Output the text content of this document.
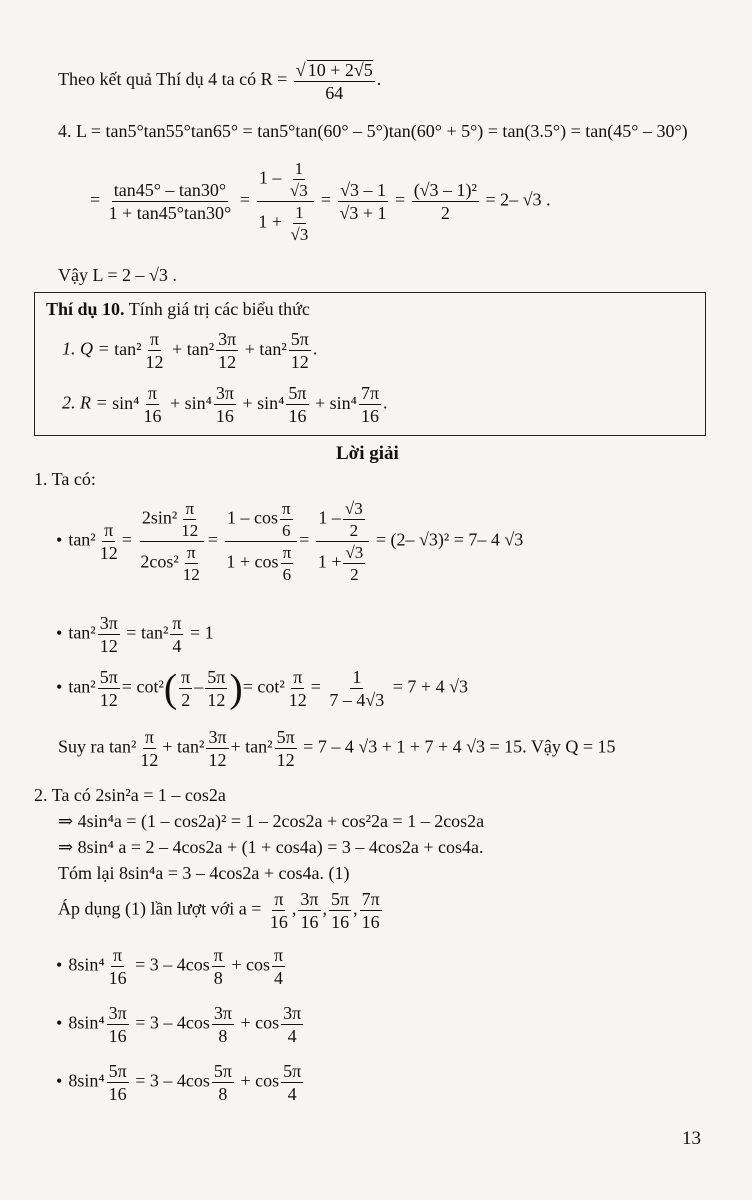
Theo kết quả Thí dụ 4 ta có $R = \frac{√ 10 + 2√5}{64}$ .
4. L = tan5°tan55°tan65° = tan5°tan(60° – 5°)tan(60° + 5°) = tan(3.5°) = tan(45° – 30°)
= $\frac{\tan 45^\circ - \tan 30^\circ}{1 + \tan 45^\circ\tan 30^\circ} = \frac{1 - \frac{1}{√3}}{1 + \frac{1}{√3}} = \frac{√3 - 1}{√3 + 1} = \frac{\text{(√3 – 1)²}}{2} = 2-$ √3 .
Vậy L = 2 – √3 .
Thí dụ 10. Tính giá trị các biểu thức
1. $Q = \tan^2 \frac{\pi}{12} + \tan^2 \frac{3\pi}{12} + \tan^2 \frac{5\pi}{12}$ .
2. $R = \sin^4 \frac{\pi}{16} + \sin^4 \frac{3\pi}{16} + \sin^4 \frac{5\pi}{16} + \sin^4 \frac{7\pi}{16}$ .
Lời giải
1. Ta có:
• $\tan^2 \frac{\pi}{12} = \frac{2\sin^2 \frac{\pi}{12}}{2\cos^2 \frac{\pi}{12}} = \frac{1 - \cos \frac{\pi}{6}}{1 + \cos \frac{\pi}{6}} = \frac{1 - \frac{√3}{2}}{1 + \frac{√3}{2}} = (2-$ √3)² = 7– 4 √3
• $\tan^2 \frac{3\pi}{12} = \tan^2 \frac{\pi}{4} = 1$
• $\tan^2 \frac{5\pi}{12} = \cot^2( \frac{\pi}{2} - \frac{5\pi}{12}$ )= $\cot^2 \frac{\pi}{12} = \frac{1}{7 - 4√3} = 7 + 4$ √3
Suy ra $\tan^2 \frac{\pi}{12} + \tan^2 \frac{3\pi}{12} + \tan^2 \frac{5\pi}{12} = 7 - 4$ √3 + 1 + 7 + 4 √3 = 15. Vậy Q = 15
2. Ta có 2sin²a = 1 – cos2a
⇒ 4sin⁴a = (1 – cos2a)² = 1 – 2cos2a + cos²2a = 1 – 2cos2a
⇒ 8sin⁴ a = 2 – 4cos2a + (1 + cos4a) = 3 – 4cos2a + cos4a.
Tóm lại 8sin⁴a = 3 – 4cos2a + cos4a. (1)
Áp dụng (1) lần lượt với $a = \frac{\pi}{16}$ , $\frac{3\pi}{16}$ , $\frac{5\pi}{16}$ , $\frac{7\pi}{16}$
• $8\sin^4 \frac{\pi}{16} = 3 - 4\cos \frac{\pi}{8} + \cos \frac{\pi}{4}$
• $8\sin^4 \frac{3\pi}{16} = 3 - 4\cos \frac{3\pi}{8} + \cos \frac{3\pi}{4}$
• $8\sin^4 \frac{5\pi}{16} = 3 - 4\cos \frac{5\pi}{8} + \cos \frac{5\pi}{4}$
13
